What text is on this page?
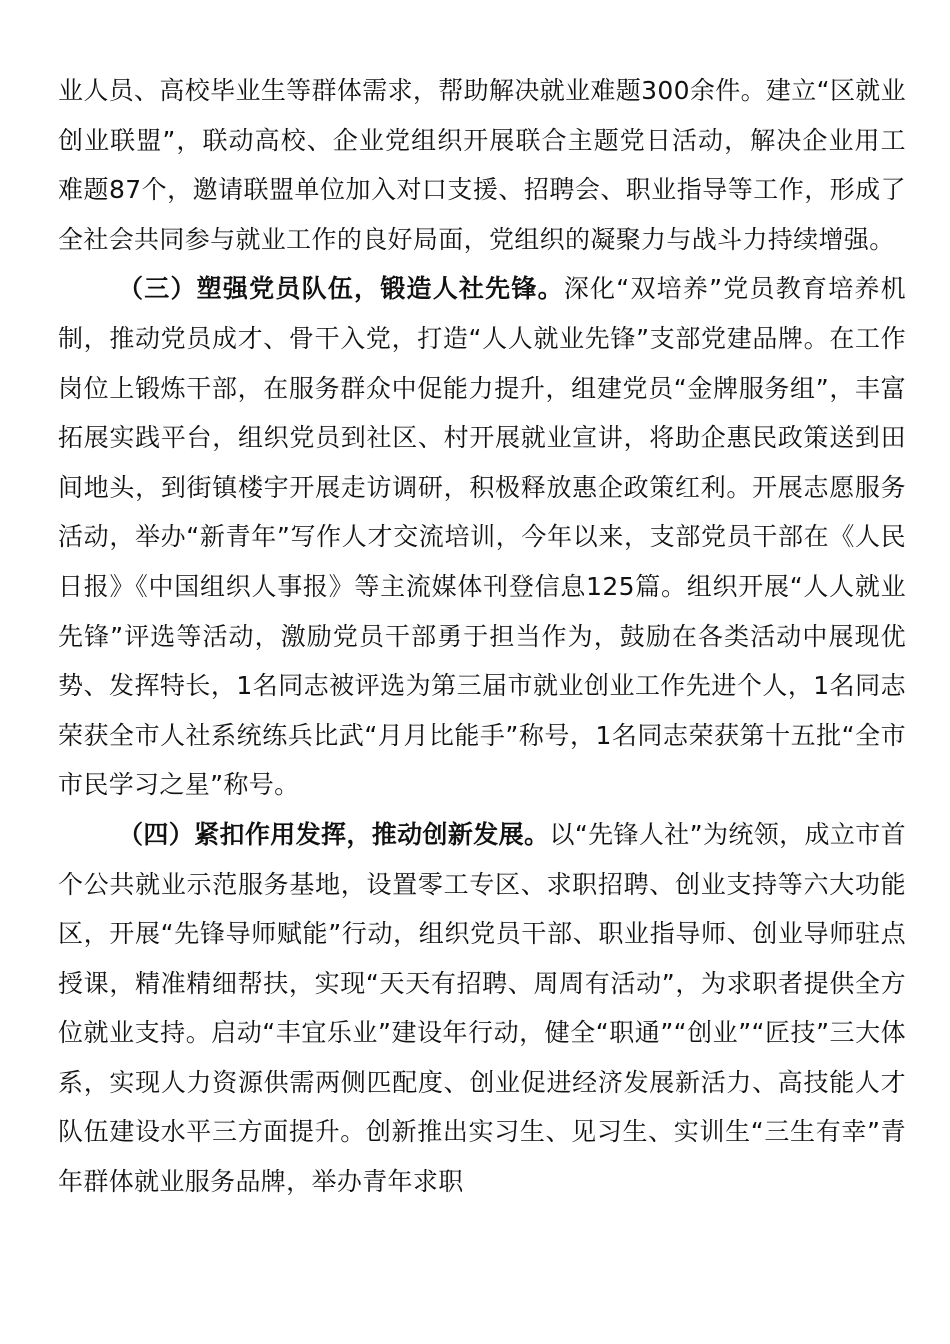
业人员、高校毕业生等群体需求，帮助解决就业难题300余件。建立“区就业创业联盟”，联动高校、企业党组织开展联合主题党日活动，解决企业用工难题87个，邀请联盟单位加入对口支援、招聘会、职业指导等工作，形成了全社会共同参与就业工作的良好局面，党组织的凝聚力与战斗力持续增强。

（三）塑强党员队伍，锻造人社先锋。深化“双培养”党员教育培养机制，推动党员成才、骨干入党，打造“人人就业先锋”支部党建品牌。在工作岗位上锻炼干部，在服务群众中促能力提升，组建党员“金牌服务组”，丰富拓展实践平台，组织党员到社区、村开展就业宣讲，将助企惠民政策送到田间地头，到街镇楼宇开展走访调研，积极释放惠企政策红利。开展志愿服务活动，举办“新青年”写作人才交流培训，今年以来，支部党员干部在《人民日报》《中国组织人事报》等主流媒体刊登信息125篇。组织开展“人人就业先锋”评选等活动，激励党员干部勇于担当作为，鼓励在各类活动中展现优势、发挥特长，1名同志被评选为第三届市就业创业工作先进个人，1名同志荣获全市人社系统练兵比武“月月比能手”称号，1名同志荣获第十五批“全市市民学习之星”称号。

（四）紧扣作用发挥，推动创新发展。以“先锋人社”为统领，成立市首个公共就业示范服务基地，设置零工专区、求职招聘、创业支持等六大功能区，开展“先锋导师赋能”行动，组织党员干部、职业指导师、创业导师驻点授课，精准精细帮扶，实现“天天有招聘、周周有活动”，为求职者提供全方位就业支持。启动“丰宜乐业”建设年行动，健全“职通”“创业”“匠技”三大体系，实现人力资源供需两侧匹配度、创业促进经济发展新活力、高技能人才队伍建设水平三方面提升。创新推出实习生、见习生、实训生“三生有幸”青年群体就业服务品牌，举办青年求职
